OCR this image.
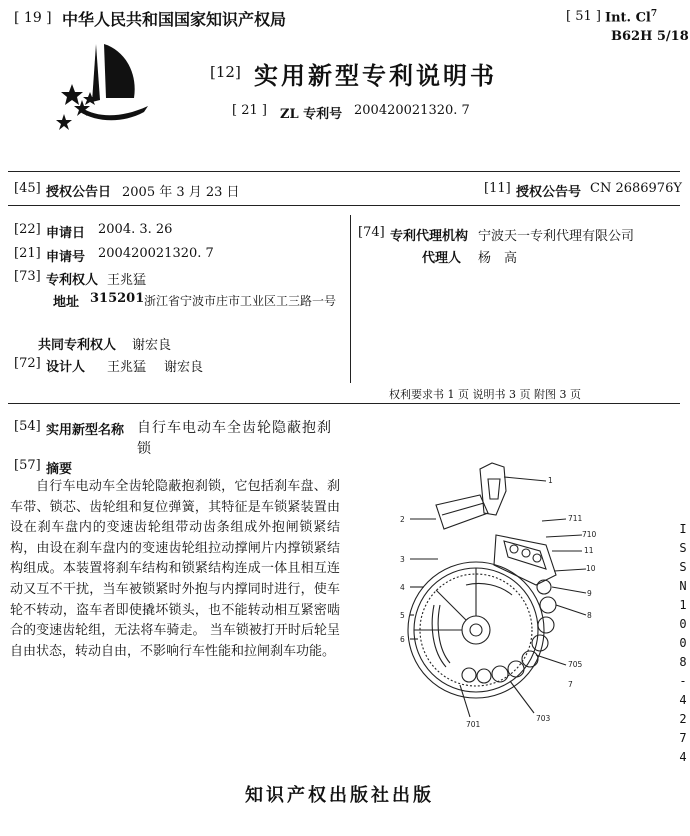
[ 19 ] 中华人民共和国国家知识产权局	[ 51 ] Int. Cl$^7$
B62H 5/18
[12] 实用新型专利说明书
[ 21 ] ZL 专利号 200420021320. 7
[45] 授权公告日 2005 年 3 月 23 日	[11] 授权公告号 CN 2686976Y
[22] 申请日 2004. 3. 26
[21] 申请号 200420021320. 7
[73] 专利权人 王兆猛
地址 315201 浙江省宁波市庄市工业区工三路一号
共同专利权人 谢宏良
[72] 设计人 王兆猛 谢宏良
[74] 专利代理机构 宁波天一专利代理有限公司
代理人 杨　高
权利要求书 1 页 说明书 3 页 附图 3 页
[54] 实用新型名称 自行车电动车全齿轮隐蔽抱刹
锁
[57] 摘要
自行车电动车全齿轮隐蔽抱刹锁，它包括刹车盘、刹车带、锁芯、齿轮组和复位弹簧，其特征是车锁紧装置由设在刹车盘内的变速齿轮组带动齿条组成外抱闸锁紧结构，由设在刹车盘内的变速齿轮组拉动撑闸片内撑锁紧结构组成。本装置将刹车结构和锁紧结构连成一体且相互连动又互不干扰，当车被锁紧时外抱与内撑同时进行，使车轮不转动，盗车者即使撬坏锁头，也不能转动相互紧密啮合的变速齿轮组，无法将车骑走。 当车锁被打开时后轮呈自由状态，转动自由，不影响行车性能和拉闸刹车功能。
1
2
3
4
5
6
711
710
11
10
9
8
705
703
701
7
ISSN1008-4274
知识产权出版社出版
